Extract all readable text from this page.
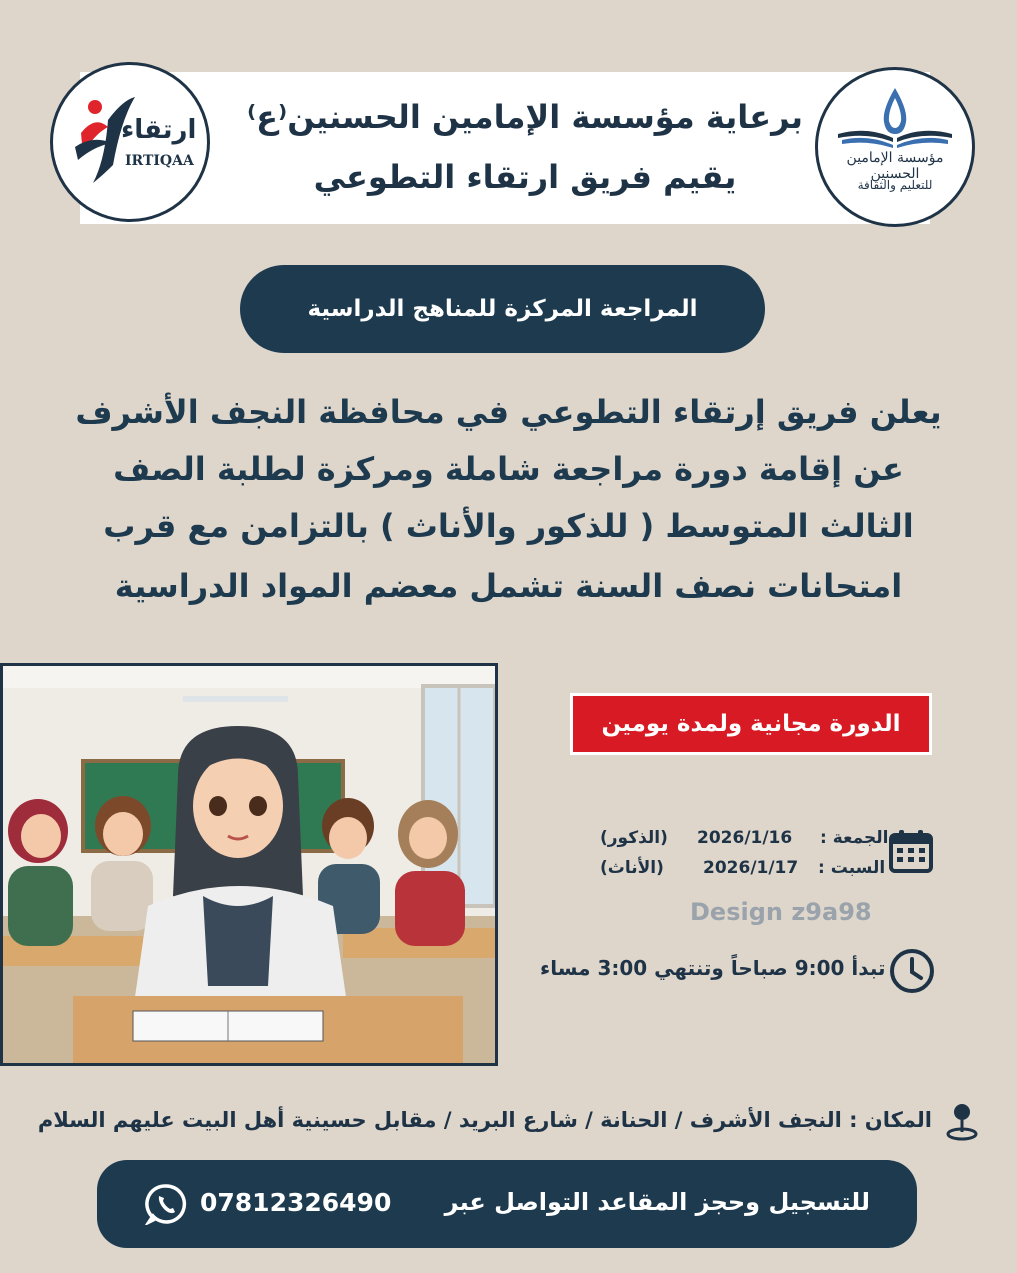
ارتقاء
IRTIQAA	مؤسسة الإمامين الحسنين
للتعليم والثقافة
برعاية مؤسسة الإمامين الحسنين⁽ع⁾
يقيم فريق ارتقاء التطوعي
المراجعة المركزة للمناهج الدراسية
يعلن فريق إرتقاء التطوعي في محافظة النجف الأشرف
عن إقامة دورة مراجعة شاملة ومركزة لطلبة الصف
الثالث المتوسط ( للذكور والأناث ) بالتزامن مع قرب
امتحانات نصف السنة تشمل معضم المواد الدراسية
الدورة مجانية ولمدة يومين
الجمعة :
2026/1/16
(الذكور)
السبت :
2026/1/17
(الأناث)
Design z9a98
تبدأ 9:00 صباحاً وتنتهي 3:00 مساء
المكان : النجف الأشرف / الحنانة / شارع البريد / مقابل حسينية أهل البيت عليهم السلام
للتسجيل وحجز المقاعد التواصل عبر
07812326490
